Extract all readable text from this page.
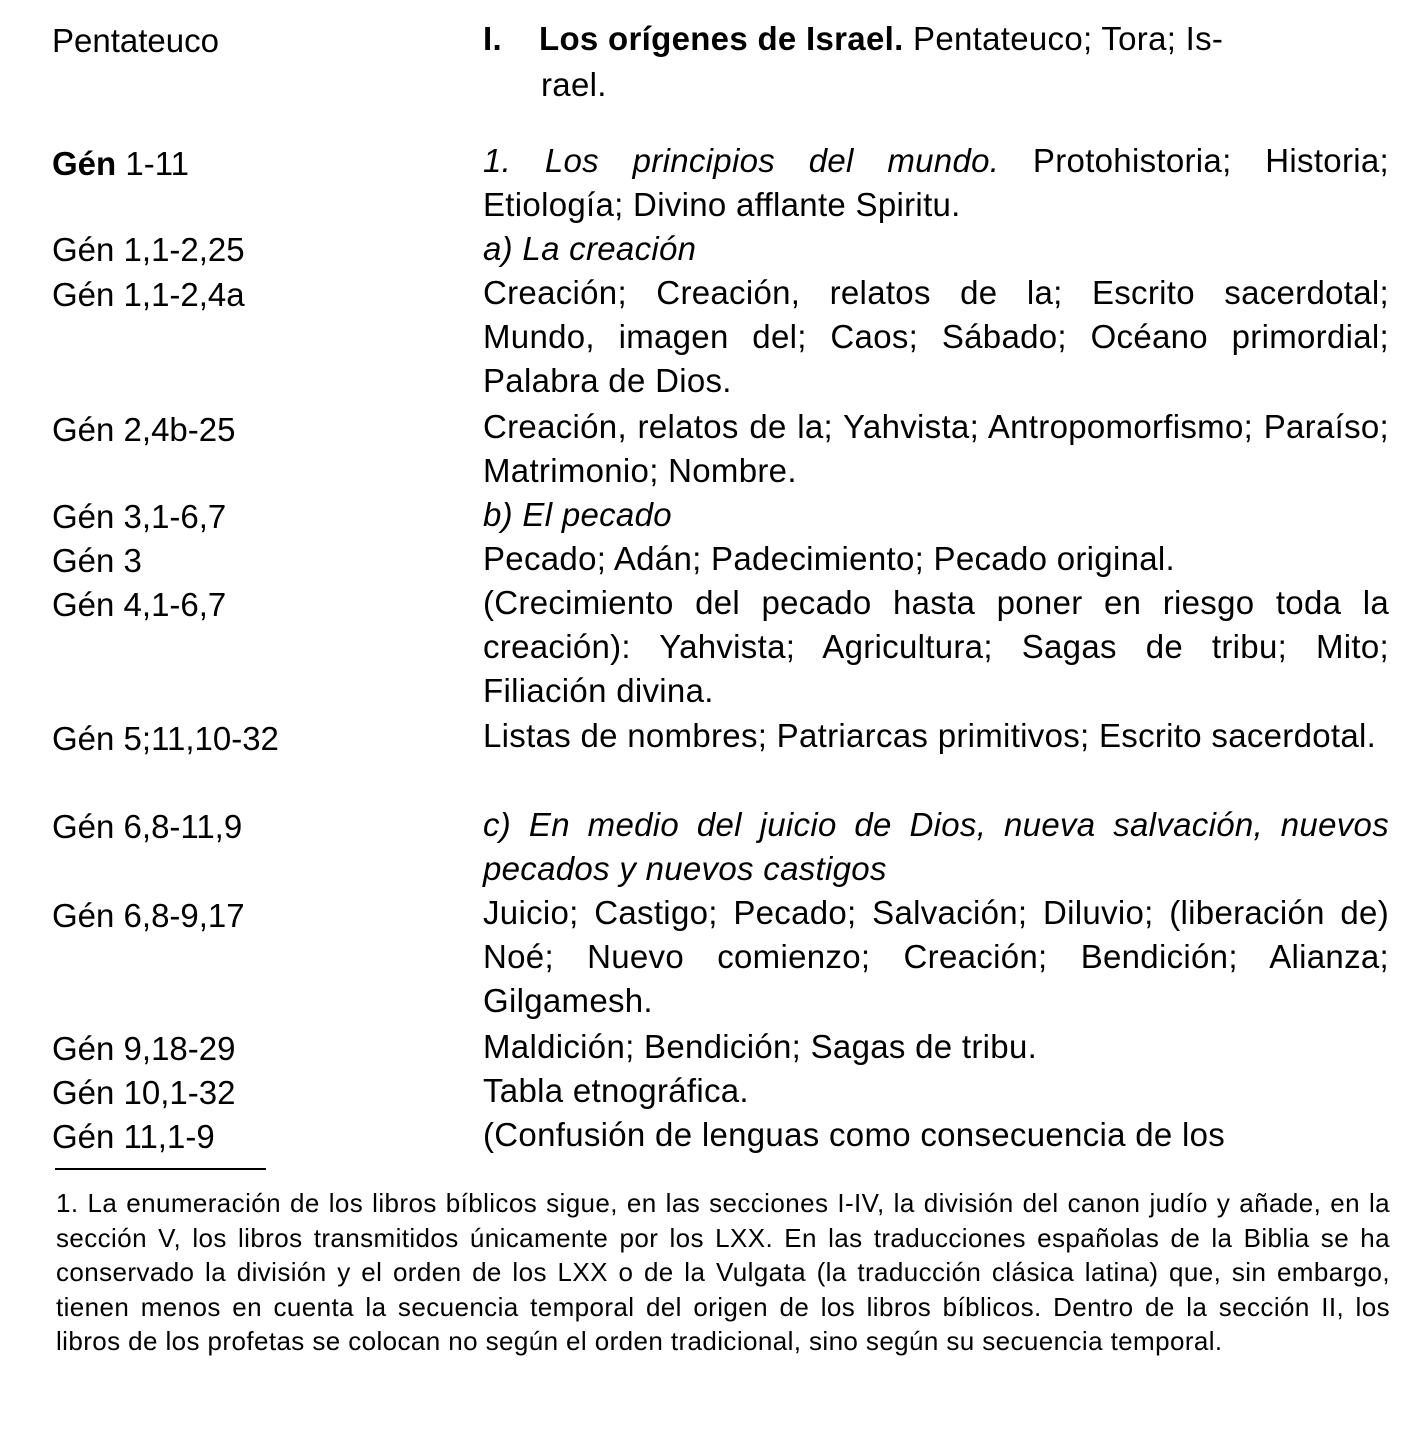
Pentateuco	I. Los orígenes de Israel. Pentateuco; Tora; Is-
rael.
Gén 1-11	1. Los principios del mundo. Protohistoria; Historia; Etiología; Divino afflante Spiritu.
Gén 1,1-2,25	a) La creación
Gén 1,1-2,4a	Creación; Creación, relatos de la; Escrito sacerdotal; Mundo, imagen del; Caos; Sábado; Océano primordial; Palabra de Dios.
Gén 2,4b-25	Creación, relatos de la; Yahvista; Antropomorfismo; Paraíso; Matrimonio; Nombre.
Gén 3,1-6,7	b) El pecado
Gén 3	Pecado; Adán; Padecimiento; Pecado original.
Gén 4,1-6,7	(Crecimiento del pecado hasta poner en riesgo toda la creación): Yahvista; Agricultura; Sagas de tribu; Mito; Filiación divina.
Gén 5;11,10-32	Listas de nombres; Patriarcas primitivos; Escrito sacerdotal.
Gén 6,8-11,9	c) En medio del juicio de Dios, nueva salvación, nuevos pecados y nuevos castigos
Gén 6,8-9,17	Juicio; Castigo; Pecado; Salvación; Diluvio; (liberación de) Noé; Nuevo comienzo; Creación; Bendición; Alianza; Gilgamesh.
Gén 9,18-29	Maldición; Bendición; Sagas de tribu.
Gén 10,1-32	Tabla etnográfica.
Gén 11,1-9	(Confusión de lenguas como consecuencia de los
1. La enumeración de los libros bíblicos sigue, en las secciones I-IV, la división del canon judío y añade, en la sección V, los libros transmitidos únicamente por los LXX. En las traducciones españolas de la Biblia se ha conservado la división y el orden de los LXX o de la Vulgata (la traducción clásica latina) que, sin embargo, tienen menos en cuenta la secuencia temporal del origen de los libros bíblicos. Dentro de la sección II, los libros de los profetas se colocan no según el orden tradicional, sino según su secuencia temporal.
